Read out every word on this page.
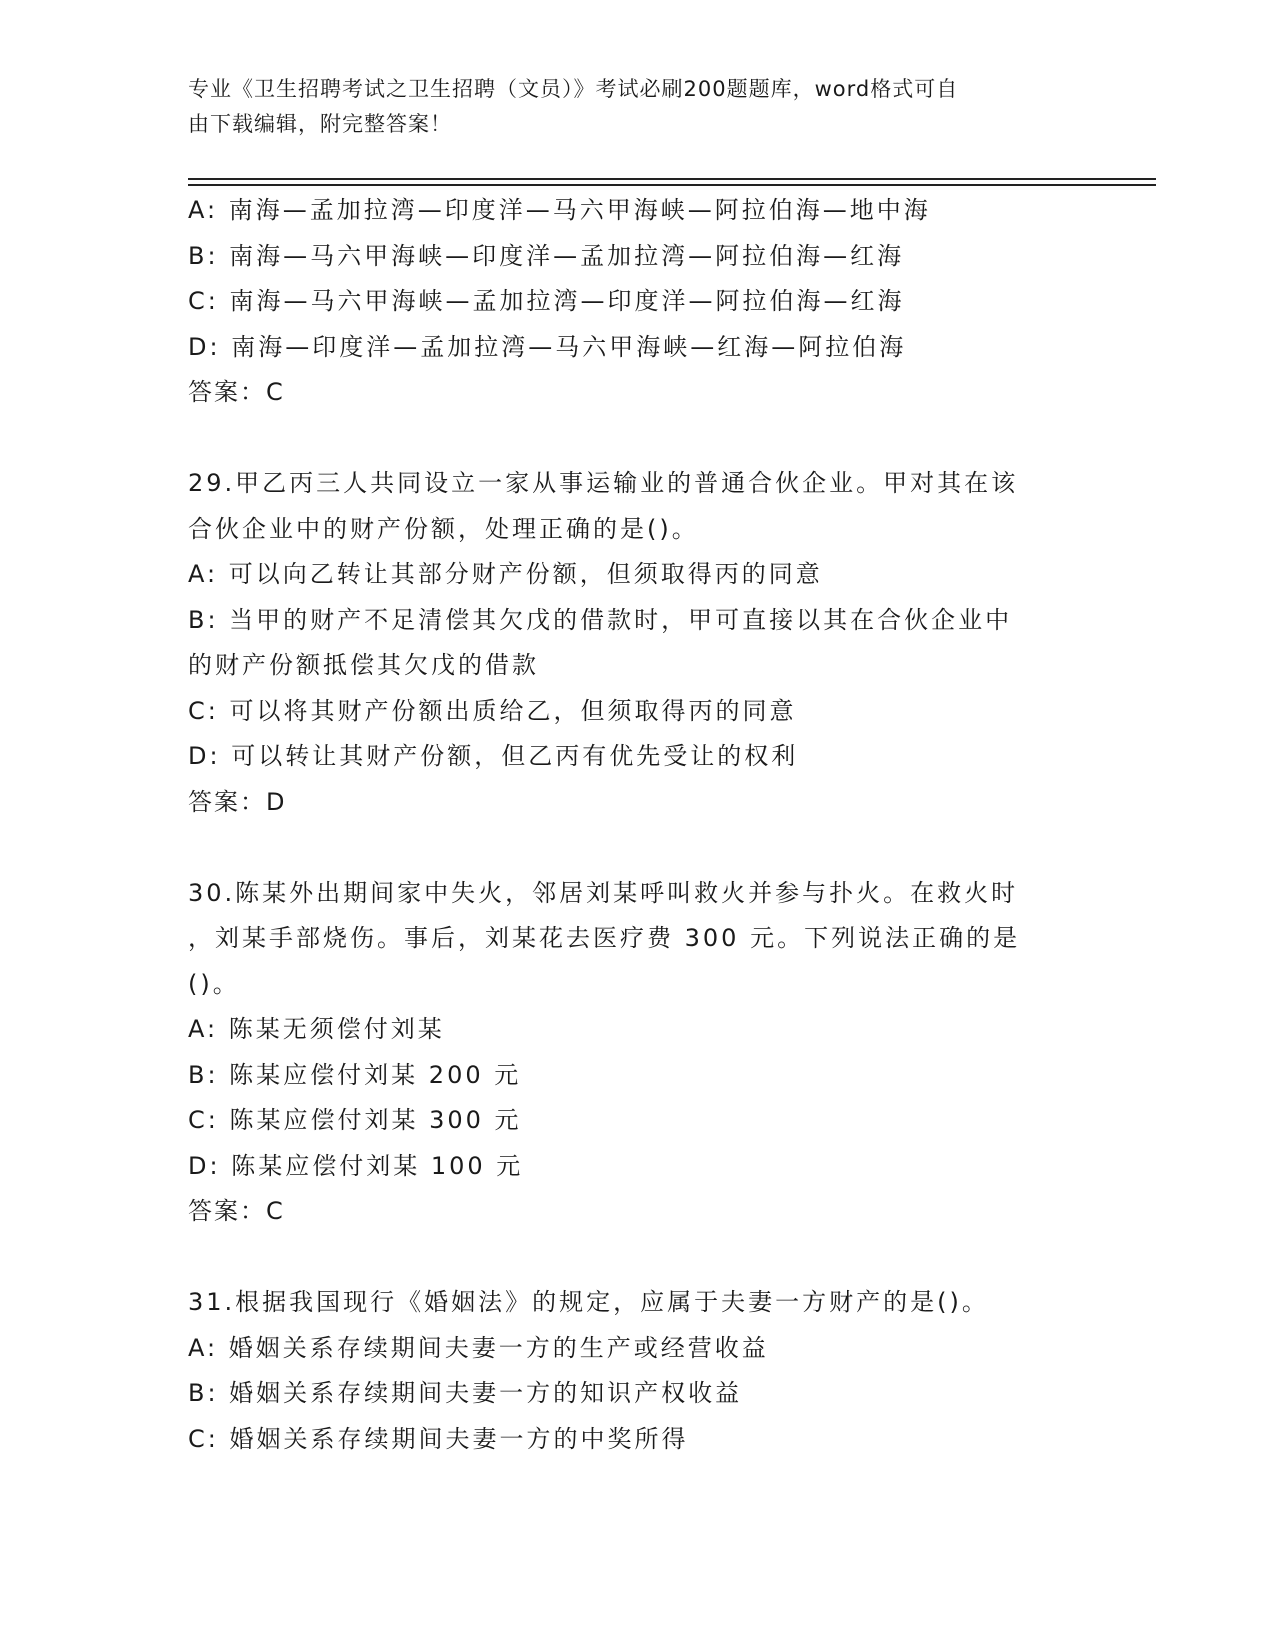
专业《卫生招聘考试之卫生招聘（文员）》考试必刷200题题库，word格式可自
由下载编辑，附完整答案！
A: 南海—孟加拉湾—印度洋—马六甲海峡—阿拉伯海—地中海
B: 南海—马六甲海峡—印度洋—孟加拉湾—阿拉伯海—红海
C: 南海—马六甲海峡—孟加拉湾—印度洋—阿拉伯海—红海
D: 南海—印度洋—孟加拉湾—马六甲海峡—红海—阿拉伯海
答案：C
29.甲乙丙三人共同设立一家从事运输业的普通合伙企业。甲对其在该
合伙企业中的财产份额，处理正确的是()。
A: 可以向乙转让其部分财产份额，但须取得丙的同意
B: 当甲的财产不足清偿其欠戊的借款时，甲可直接以其在合伙企业中
的财产份额抵偿其欠戊的借款
C: 可以将其财产份额出质给乙，但须取得丙的同意
D: 可以转让其财产份额，但乙丙有优先受让的权利
答案：D
30.陈某外出期间家中失火，邻居刘某呼叫救火并参与扑火。在救火时
，刘某手部烧伤。事后，刘某花去医疗费 300 元。下列说法正确的是
()。
A: 陈某无须偿付刘某
B: 陈某应偿付刘某 200 元
C: 陈某应偿付刘某 300 元
D: 陈某应偿付刘某 100 元
答案：C
31.根据我国现行《婚姻法》的规定，应属于夫妻一方财产的是()。
A: 婚姻关系存续期间夫妻一方的生产或经营收益
B: 婚姻关系存续期间夫妻一方的知识产权收益
C: 婚姻关系存续期间夫妻一方的中奖所得
